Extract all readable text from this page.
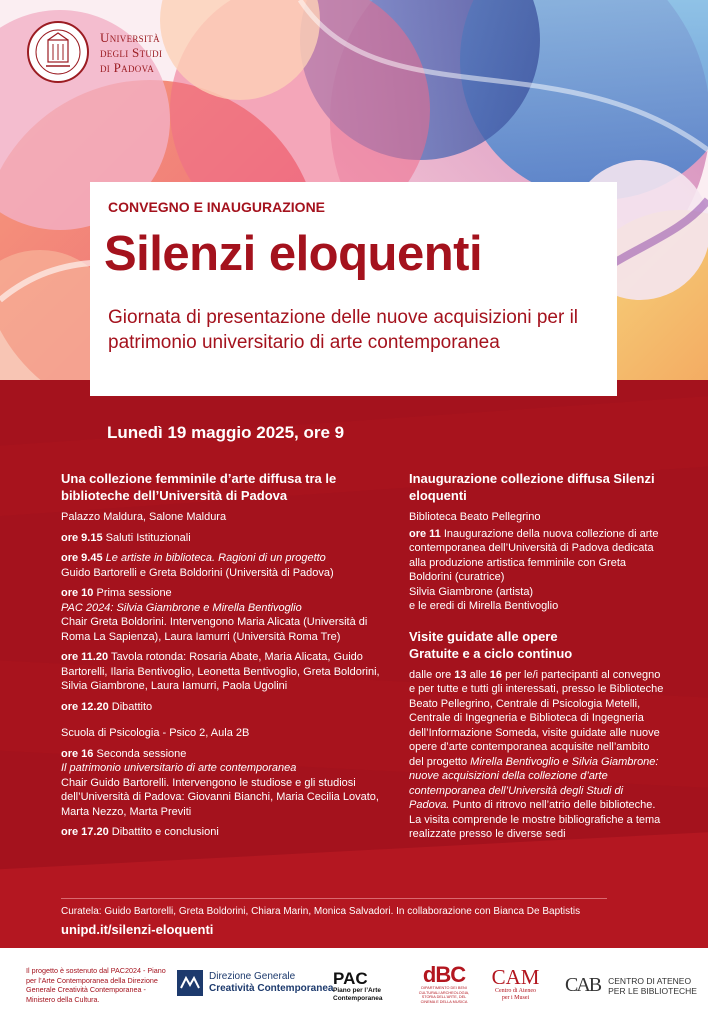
Università
degli Studi
di Padova
CONVEGNO E INAUGURAZIONE
Silenzi eloquenti
Giornata di presentazione delle nuove acquisizioni per il patrimonio universitario di arte contemporanea
Lunedì 19 maggio 2025, ore 9
Una collezione femminile d’arte diffusa tra le biblioteche dell’Università di Padova
Palazzo Maldura, Salone Maldura
ore 9.15 Saluti Istituzionali
ore 9.45 Le artiste in biblioteca. Ragioni di un progetto
Guido Bartorelli e Greta Boldorini (Università di Padova)
ore 10 Prima sessione
PAC 2024: Silvia Giambrone e Mirella Bentivoglio
Chair Greta Boldorini. Intervengono Maria Alicata (Università di Roma La Sapienza), Laura Iamurri (Università Roma Tre)
ore 11.20 Tavola rotonda: Rosaria Abate, Maria Alicata, Guido Bartorelli, Ilaria Bentivoglio, Leonetta Bentivoglio, Greta Boldorini, Silvia Giambrone, Laura Iamurri, Paola Ugolini
ore 12.20 Dibattito
Scuola di Psicologia - Psico 2, Aula 2B
ore 16 Seconda sessione
Il patrimonio universitario di arte contemporanea
Chair Guido Bartorelli. Intervengono le studiose e gli studiosi dell’Università di Padova: Giovanni Bianchi, Maria Cecilia Lovato, Marta Nezzo, Marta Previti
ore 17.20 Dibattito e conclusioni
Inaugurazione collezione diffusa Silenzi eloquenti
Biblioteca Beato Pellegrino
ore 11 Inaugurazione della nuova collezione di arte contemporanea dell’Università di Padova dedicata alla produzione artistica femminile con Greta Boldorini (curatrice)
Silvia Giambrone (artista)
e le eredi di Mirella Bentivoglio
Visite guidate alle opere
Gratuite e a ciclo continuo
dalle ore 13 alle 16 per le/i partecipanti al convegno e per tutte e tutti gli interessati, presso le Biblioteche Beato Pellegrino, Centrale di Psicologia Metelli, Centrale di Ingegneria e Biblioteca di Ingegneria dell’Informazione Someda, visite guidate alle nuove opere d’arte contemporanea acquisite nell’ambito del progetto Mirella Bentivoglio e Silvia Giambrone: nuove acquisizioni della collezione d’arte contemporanea dell’Università degli Studi di Padova. Punto di ritrovo nell’atrio delle biblioteche. La visita comprende le mostre bibliografiche a tema realizzate presso le diverse sedi
Curatela: Guido Bartorelli, Greta Boldorini, Chiara Marin, Monica Salvadori. In collaborazione con Bianca De Baptistis
unipd.it/silenzi-eloquenti
Il progetto è sostenuto dal PAC2024 - Piano per l’Arte Contemporanea della Direzione Generale Creatività Contemporanea - Ministero della Cultura.
Direzione Generale
Creatività Contemporanea
PAC
Piano per l’Arte
Contemporanea
dBC
DIPARTIMENTO DEI BENI CULTURALI ARCHEOLOGIA, STORIA DELL’ARTE, DEL CINEMA E DELLA MUSICA
CAM
Centro di Ateneo
per i Musei
CAB CENTRO DI ATENEO
PER LE BIBLIOTECHE
